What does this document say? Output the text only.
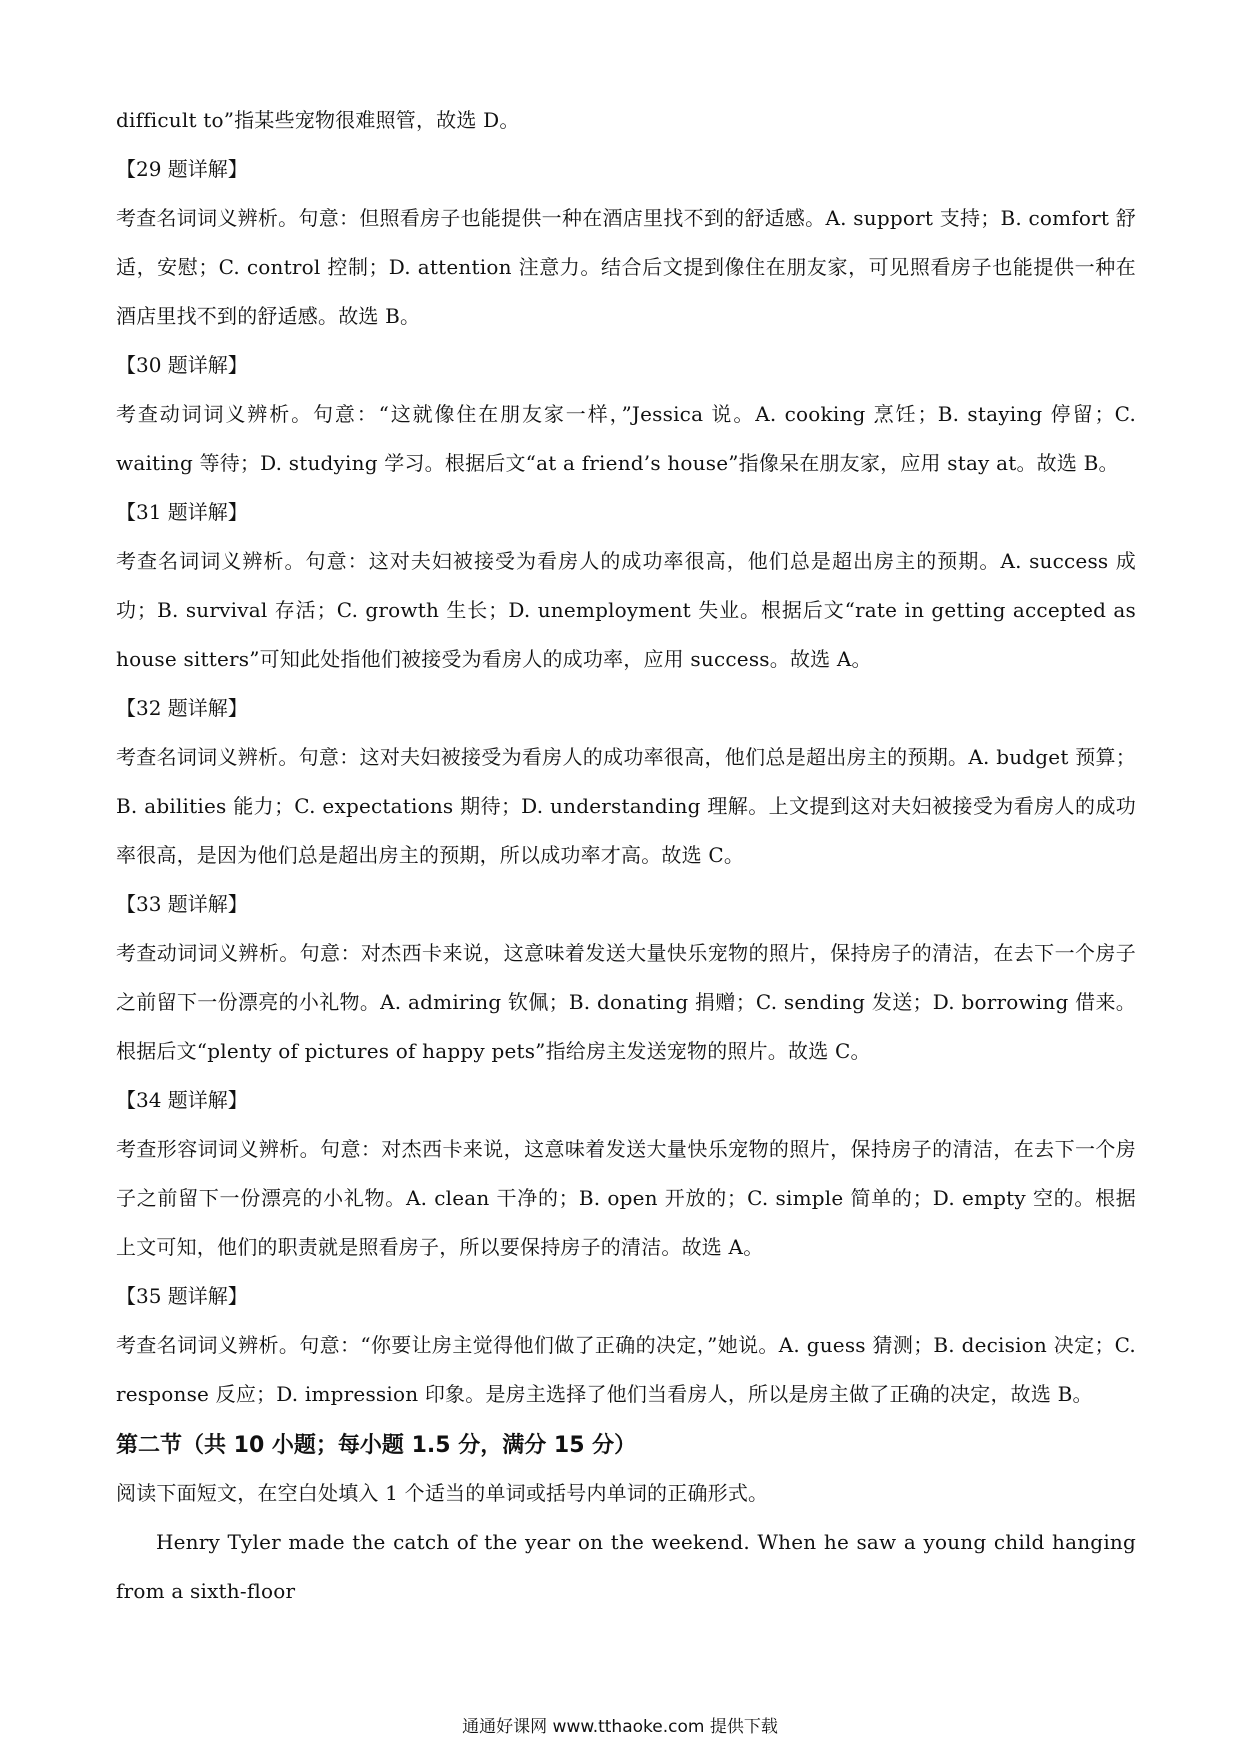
difficult to”指某些宠物很难照管，故选 D。

【29 题详解】

考查名词词义辨析。句意：但照看房子也能提供一种在酒店里找不到的舒适感。A. support 支持；B. comfort 舒适，安慰；C. control 控制；D. attention 注意力。结合后文提到像住在朋友家，可见照看房子也能提供一种在酒店里找不到的舒适感。故选 B。

【30 题详解】

考查动词词义辨析。句意：“这就像住在朋友家一样，”Jessica 说。A. cooking 烹饪；B. staying 停留；C. waiting 等待；D. studying 学习。根据后文“at a friend’s house”指像呆在朋友家，应用 stay at。故选 B。

【31 题详解】

考查名词词义辨析。句意：这对夫妇被接受为看房人的成功率很高，他们总是超出房主的预期。A. success 成功；B. survival 存活；C. growth 生长；D. unemployment 失业。根据后文“rate in getting accepted as house sitters”可知此处指他们被接受为看房人的成功率，应用 success。故选 A。

【32 题详解】

考查名词词义辨析。句意：这对夫妇被接受为看房人的成功率很高，他们总是超出房主的预期。A. budget 预算；B. abilities 能力；C. expectations 期待；D. understanding 理解。上文提到这对夫妇被接受为看房人的成功率很高，是因为他们总是超出房主的预期，所以成功率才高。故选 C。

【33 题详解】

考查动词词义辨析。句意：对杰西卡来说，这意味着发送大量快乐宠物的照片，保持房子的清洁，在去下一个房子之前留下一份漂亮的小礼物。A. admiring 钦佩；B. donating 捐赠；C. sending 发送；D. borrowing 借来。根据后文“plenty of pictures of happy pets”指给房主发送宠物的照片。故选 C。

【34 题详解】

考查形容词词义辨析。句意：对杰西卡来说，这意味着发送大量快乐宠物的照片，保持房子的清洁，在去下一个房子之前留下一份漂亮的小礼物。A. clean 干净的；B. open 开放的；C. simple 简单的；D. empty 空的。根据上文可知，他们的职责就是照看房子，所以要保持房子的清洁。故选 A。

【35 题详解】

考查名词词义辨析。句意：“你要让房主觉得他们做了正确的决定，”她说。A. guess 猜测；B. decision 决定；C. response 反应；D. impression 印象。是房主选择了他们当看房人，所以是房主做了正确的决定，故选 B。

第二节（共 10 小题；每小题 1.5 分，满分 15 分）

阅读下面短文，在空白处填入 1 个适当的单词或括号内单词的正确形式。

Henry Tyler made the catch of the year on the weekend. When he saw a young child hanging from a sixth-floor

通通好课网 www.tthaoke.com 提供下载
